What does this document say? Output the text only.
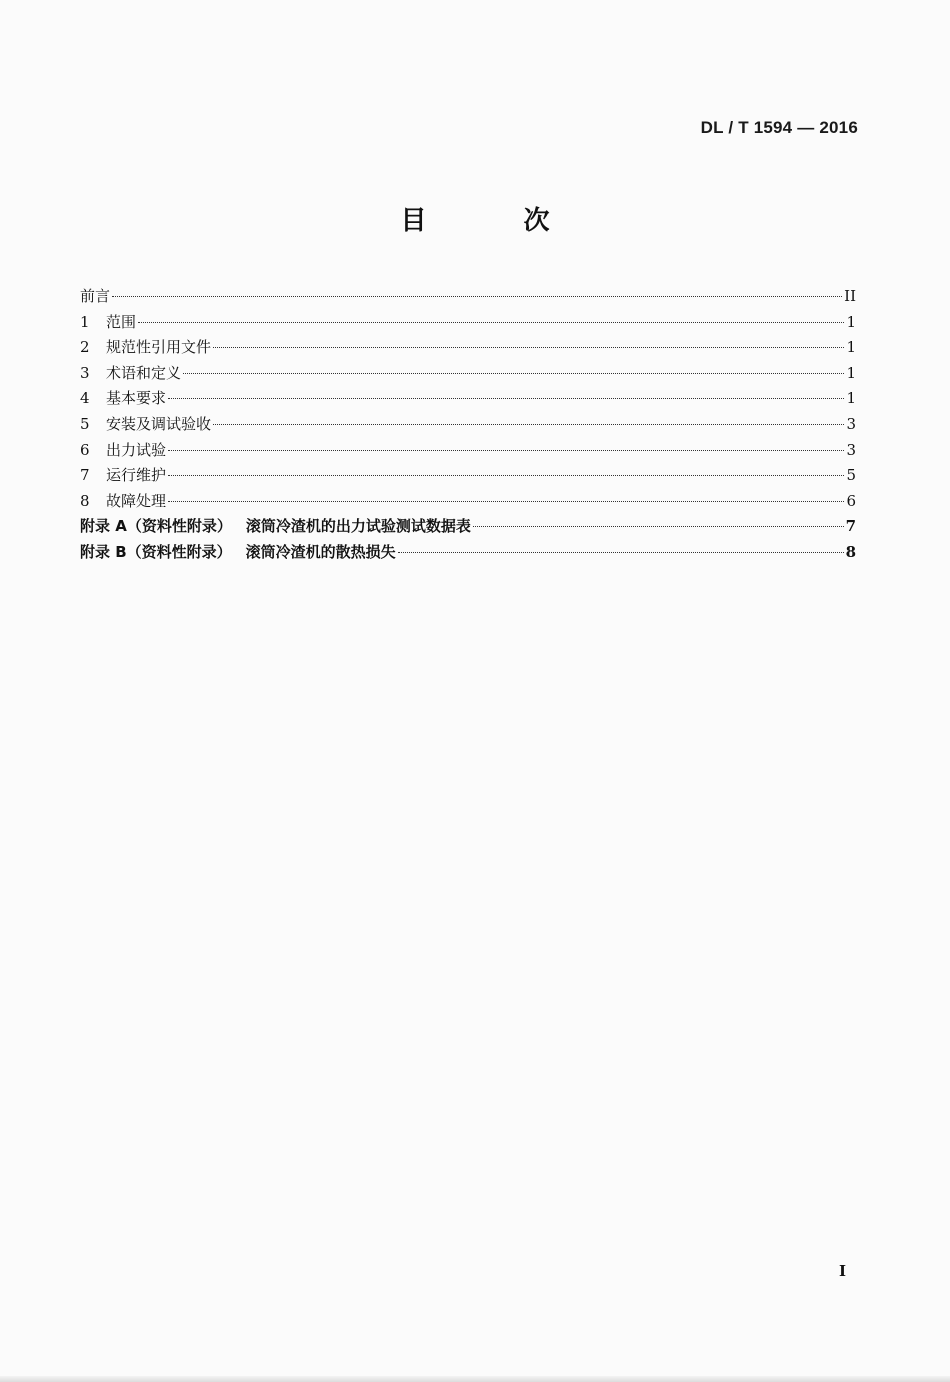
DL / T 1594 — 2016
目 次
前言	II
1	范围	1
2	规范性引用文件	1
3	术语和定义	1
4	基本要求	1
5	安装及调试验收	3
6	出力试验	3
7	运行维护	5
8	故障处理	6
附录 A（资料性附录） 滚筒冷渣机的出力试验测试数据表	7
附录 B（资料性附录） 滚筒冷渣机的散热损失	8
I
